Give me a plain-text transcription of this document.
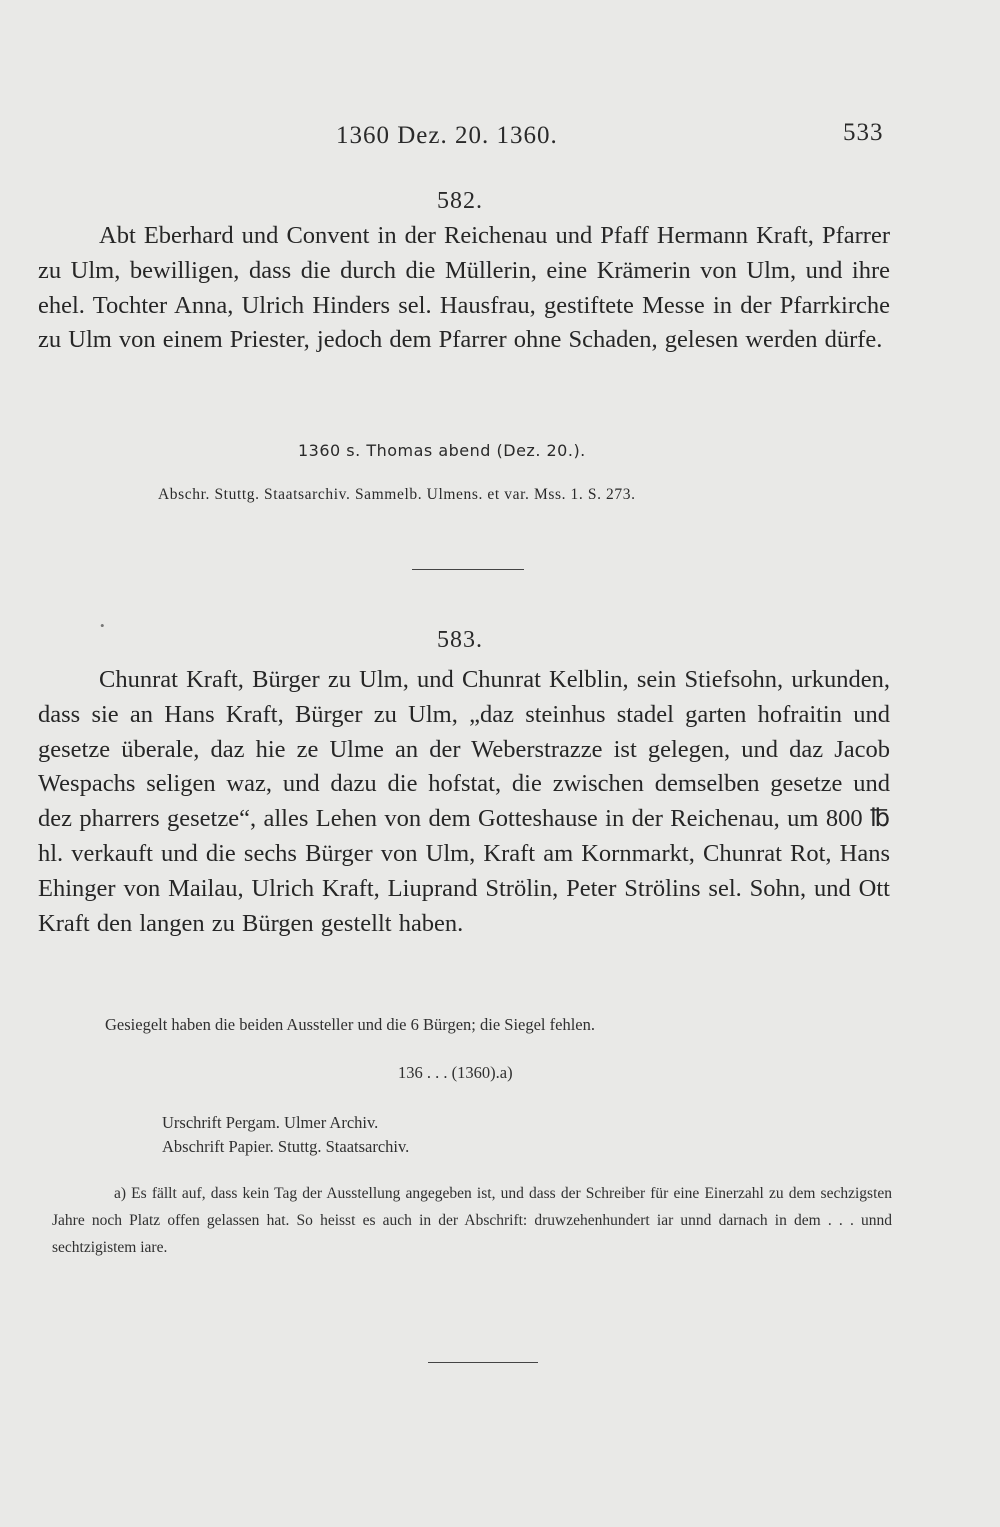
1360 Dez. 20. 1360.	533
582.

Abt Eberhard und Convent in der Reichenau und Pfaff Hermann Kraft, Pfarrer zu Ulm, bewilligen, dass die durch die Müllerin, eine Krämerin von Ulm, und ihre ehel. Tochter Anna, Ulrich Hinders sel. Hausfrau, gestiftete Messe in der Pfarrkirche zu Ulm von einem Priester, jedoch dem Pfarrer ohne Schaden, gelesen werden dürfe.

1360 s. Thomas abend (Dez. 20.).
Abschr. Stuttg. Staatsarchiv. Sammelb. Ulmens. et var. Mss. 1. S. 273.
•
583.

Chunrat Kraft, Bürger zu Ulm, und Chunrat Kelblin, sein Stiefsohn, urkunden, dass sie an Hans Kraft, Bürger zu Ulm, „daz steinhus stadel garten hofraitin und gesetze überale, daz hie ze Ulme an der Weberstrazze ist gelegen, und daz Jacob Wespachs seligen waz, und dazu die hofstat, die zwischen demselben gesetze und dez pharrers gesetze“, alles Lehen von dem Gotteshause in der Reichenau, um 800 ℔ hl. verkauft und die sechs Bürger von Ulm, Kraft am Kornmarkt, Chunrat Rot, Hans Ehinger von Mailau, Ulrich Kraft, Liuprand Strölin, Peter Strölins sel. Sohn, und Ott Kraft den langen zu Bürgen gestellt haben.

Gesiegelt haben die beiden Aussteller und die 6 Bürgen; die Siegel fehlen.
136 . . . (1360).a)
Urschrift Pergam. Ulmer Archiv.
Abschrift Papier. Stuttg. Staatsarchiv.

a) Es fällt auf, dass kein Tag der Ausstellung angegeben ist, und dass der Schreiber für eine Einerzahl zu dem sechzigsten Jahre noch Platz offen gelassen hat. So heisst es auch in der Abschrift: druwzehenhundert iar unnd darnach in dem . . . unnd sechtzigistem iare.
